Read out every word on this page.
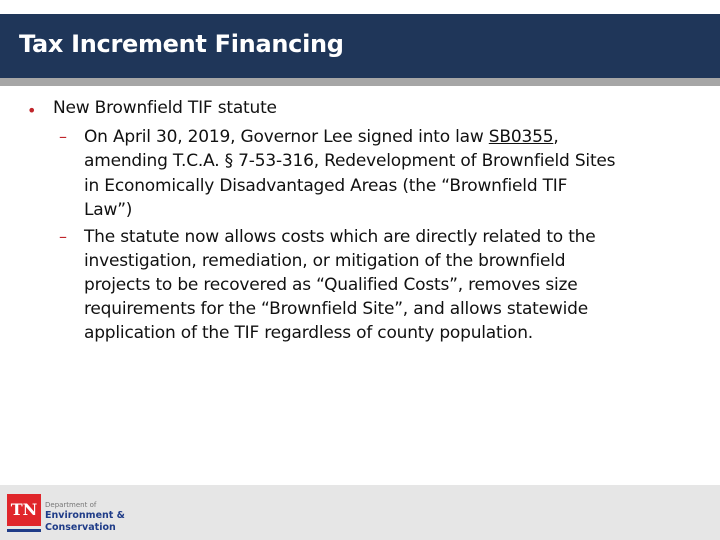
Tax Increment Financing
• New Brownfield TIF statute
– On April 30, 2019, Governor Lee signed into law SB0355,
amending T.C.A. § 7-53-316, Redevelopment of Brownfield Sites
in Economically Disadvantaged Areas (the “Brownfield TIF
Law”)
– The statute now allows costs which are directly related to the
investigation, remediation, or mitigation of the brownfield
projects to be recovered as “Qualified Costs”, removes size
requirements for the “Brownfield Site”, and allows statewide
application of the TIF regardless of county population.
TN	Department of
Environment &
Conservation
